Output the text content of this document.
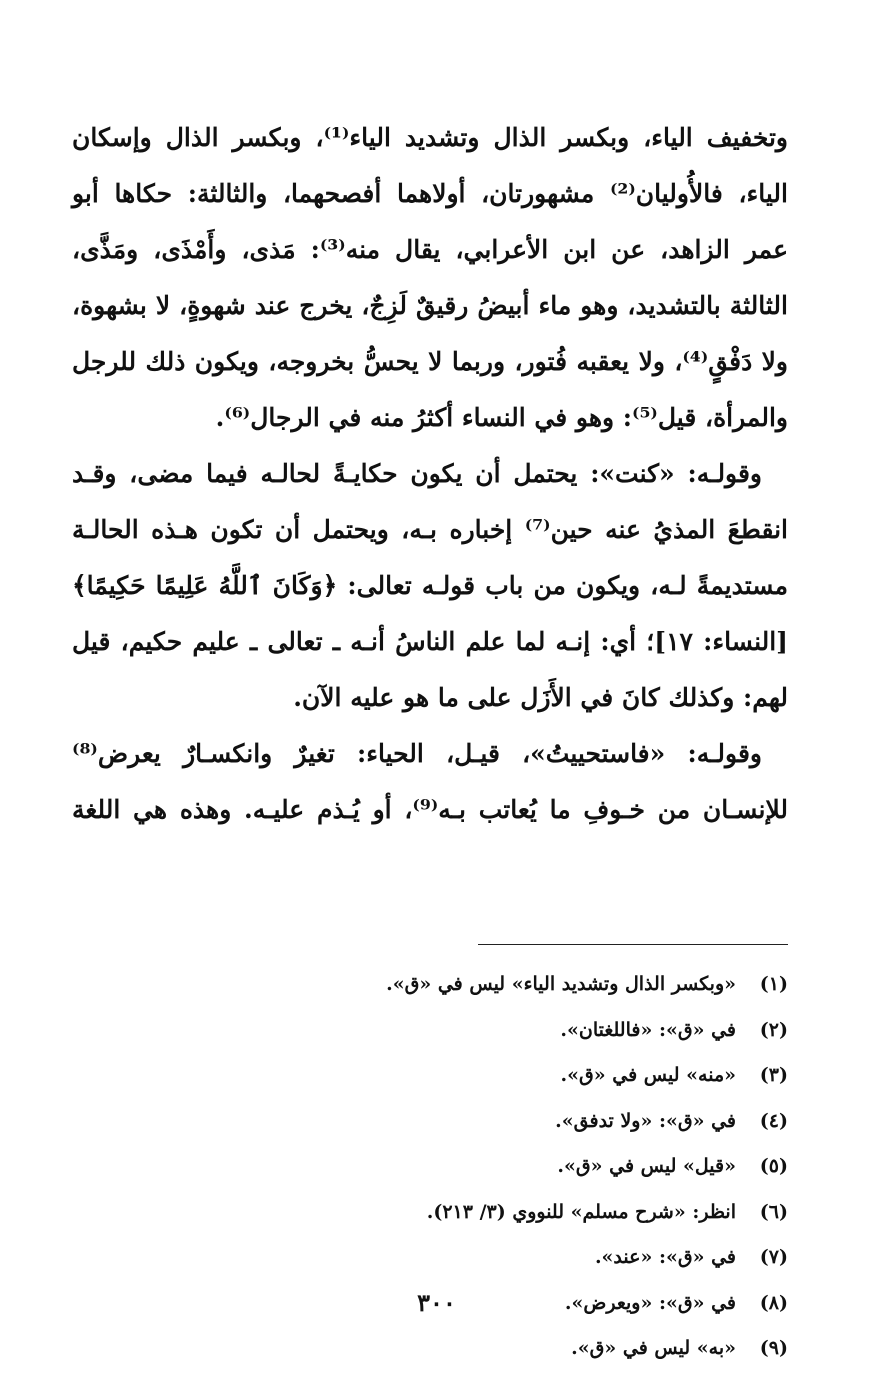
وتخفيف الياء، وبكسر الذال وتشديد الياء⁽¹⁾، وبكسر الذال وإسكان الياء، فالأُوليان⁽²⁾ مشهورتان، أولاهما أفصحهما، والثالثة: حكاها أبو عمر الزاهد، عن ابن الأعرابي، يقال منه⁽³⁾: مَذى، وأَمْذَى، ومَذَّى، الثالثة بالتشديد، وهو ماء أبيضُ رقيقٌ لَزِجٌ، يخرج عند شهوةٍ، لا بشهوة، ولا دَفْقٍ⁽⁴⁾، ولا يعقبه فُتور، وربما لا يحسُّ بخروجه، ويكون ذلك للرجل والمرأة، قيل⁽⁵⁾: وهو في النساء أكثرُ منه في الرجال⁽⁶⁾.

وقولـه: «كنت»: يحتمل أن يكون حكايـةً لحالـه فيما مضى، وقـد انقطعَ المذيُ عنه حين⁽⁷⁾ إخباره بـه، ويحتمل أن تكون هـذه الحالـة مستديمةً لـه، ويكون من باب قولـه تعالى: ﴿وَكَانَ ٱللَّهُ عَلِيمًا حَكِيمًا﴾[النساء: ١٧]؛ أي: إنـه لما علم الناسُ أنـه ـ تعالى ـ عليم حكيم، قيل لهم: وكذلك كانَ في الأَزَل على ما هو عليه الآن.

وقولـه: «فاستحييتُ»، قيـل، الحياء: تغيرٌ وانكسـارٌ يعرض⁽⁸⁾ للإنسـان من خـوفِ ما يُعاتب بـه⁽⁹⁾، أو يُـذم عليـه. وهذه هي اللغة

(١)
«وبكسر الذال وتشديد الياء» ليس في «ق».
(٢)
في «ق»: «فاللغتان».
(٣)
«منه» ليس في «ق».
(٤)
في «ق»: «ولا تدفق».
(٥)
«قيل» ليس في «ق».
(٦)
انظر: «شرح مسلم» للنووي (٣/ ٢١٣).
(٧)
في «ق»: «عند».
(٨)
في «ق»: «ويعرض».
(٩)
«به» ليس في «ق».
٣٠٠
